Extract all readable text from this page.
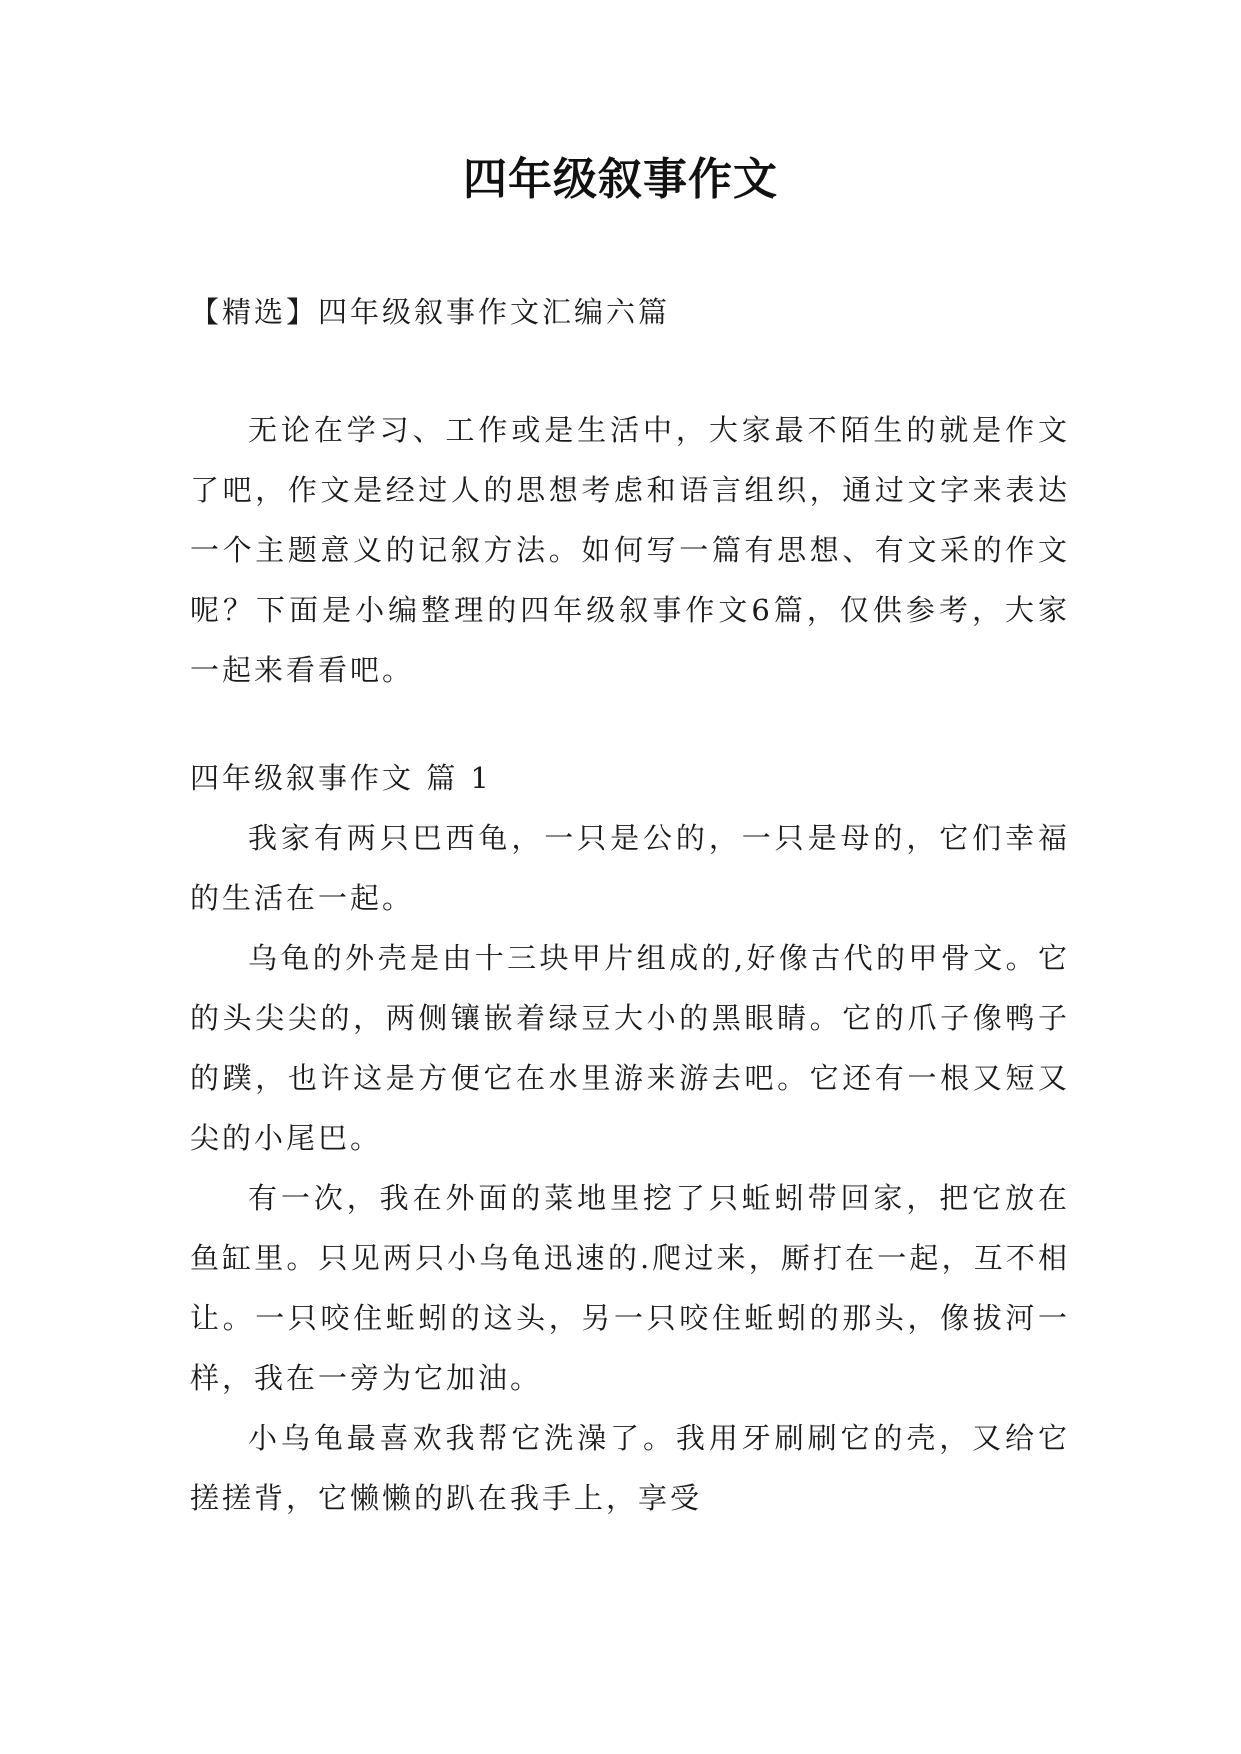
四年级叙事作文
【精选】四年级叙事作文汇编六篇

无论在学习、工作或是生活中，大家最不陌生的就是作文了吧，作文是经过人的思想考虑和语言组织，通过文字来表达一个主题意义的记叙方法。如何写一篇有思想、有文采的作文呢？下面是小编整理的四年级叙事作文6篇，仅供参考，大家一起来看看吧。

四年级叙事作文 篇 1

我家有两只巴西龟，一只是公的，一只是母的，它们幸福的生活在一起。

乌龟的外壳是由十三块甲片组成的,好像古代的甲骨文。它的头尖尖的，两侧镶嵌着绿豆大小的黑眼睛。它的爪子像鸭子的蹼，也许这是方便它在水里游来游去吧。它还有一根又短又尖的小尾巴。

有一次，我在外面的菜地里挖了只蚯蚓带回家，把它放在鱼缸里。只见两只小乌龟迅速的.爬过来，厮打在一起，互不相让。一只咬住蚯蚓的这头，另一只咬住蚯蚓的那头，像拔河一样，我在一旁为它加油。

小乌龟最喜欢我帮它洗澡了。我用牙刷刷它的壳，又给它搓搓背，它懒懒的趴在我手上，享受
